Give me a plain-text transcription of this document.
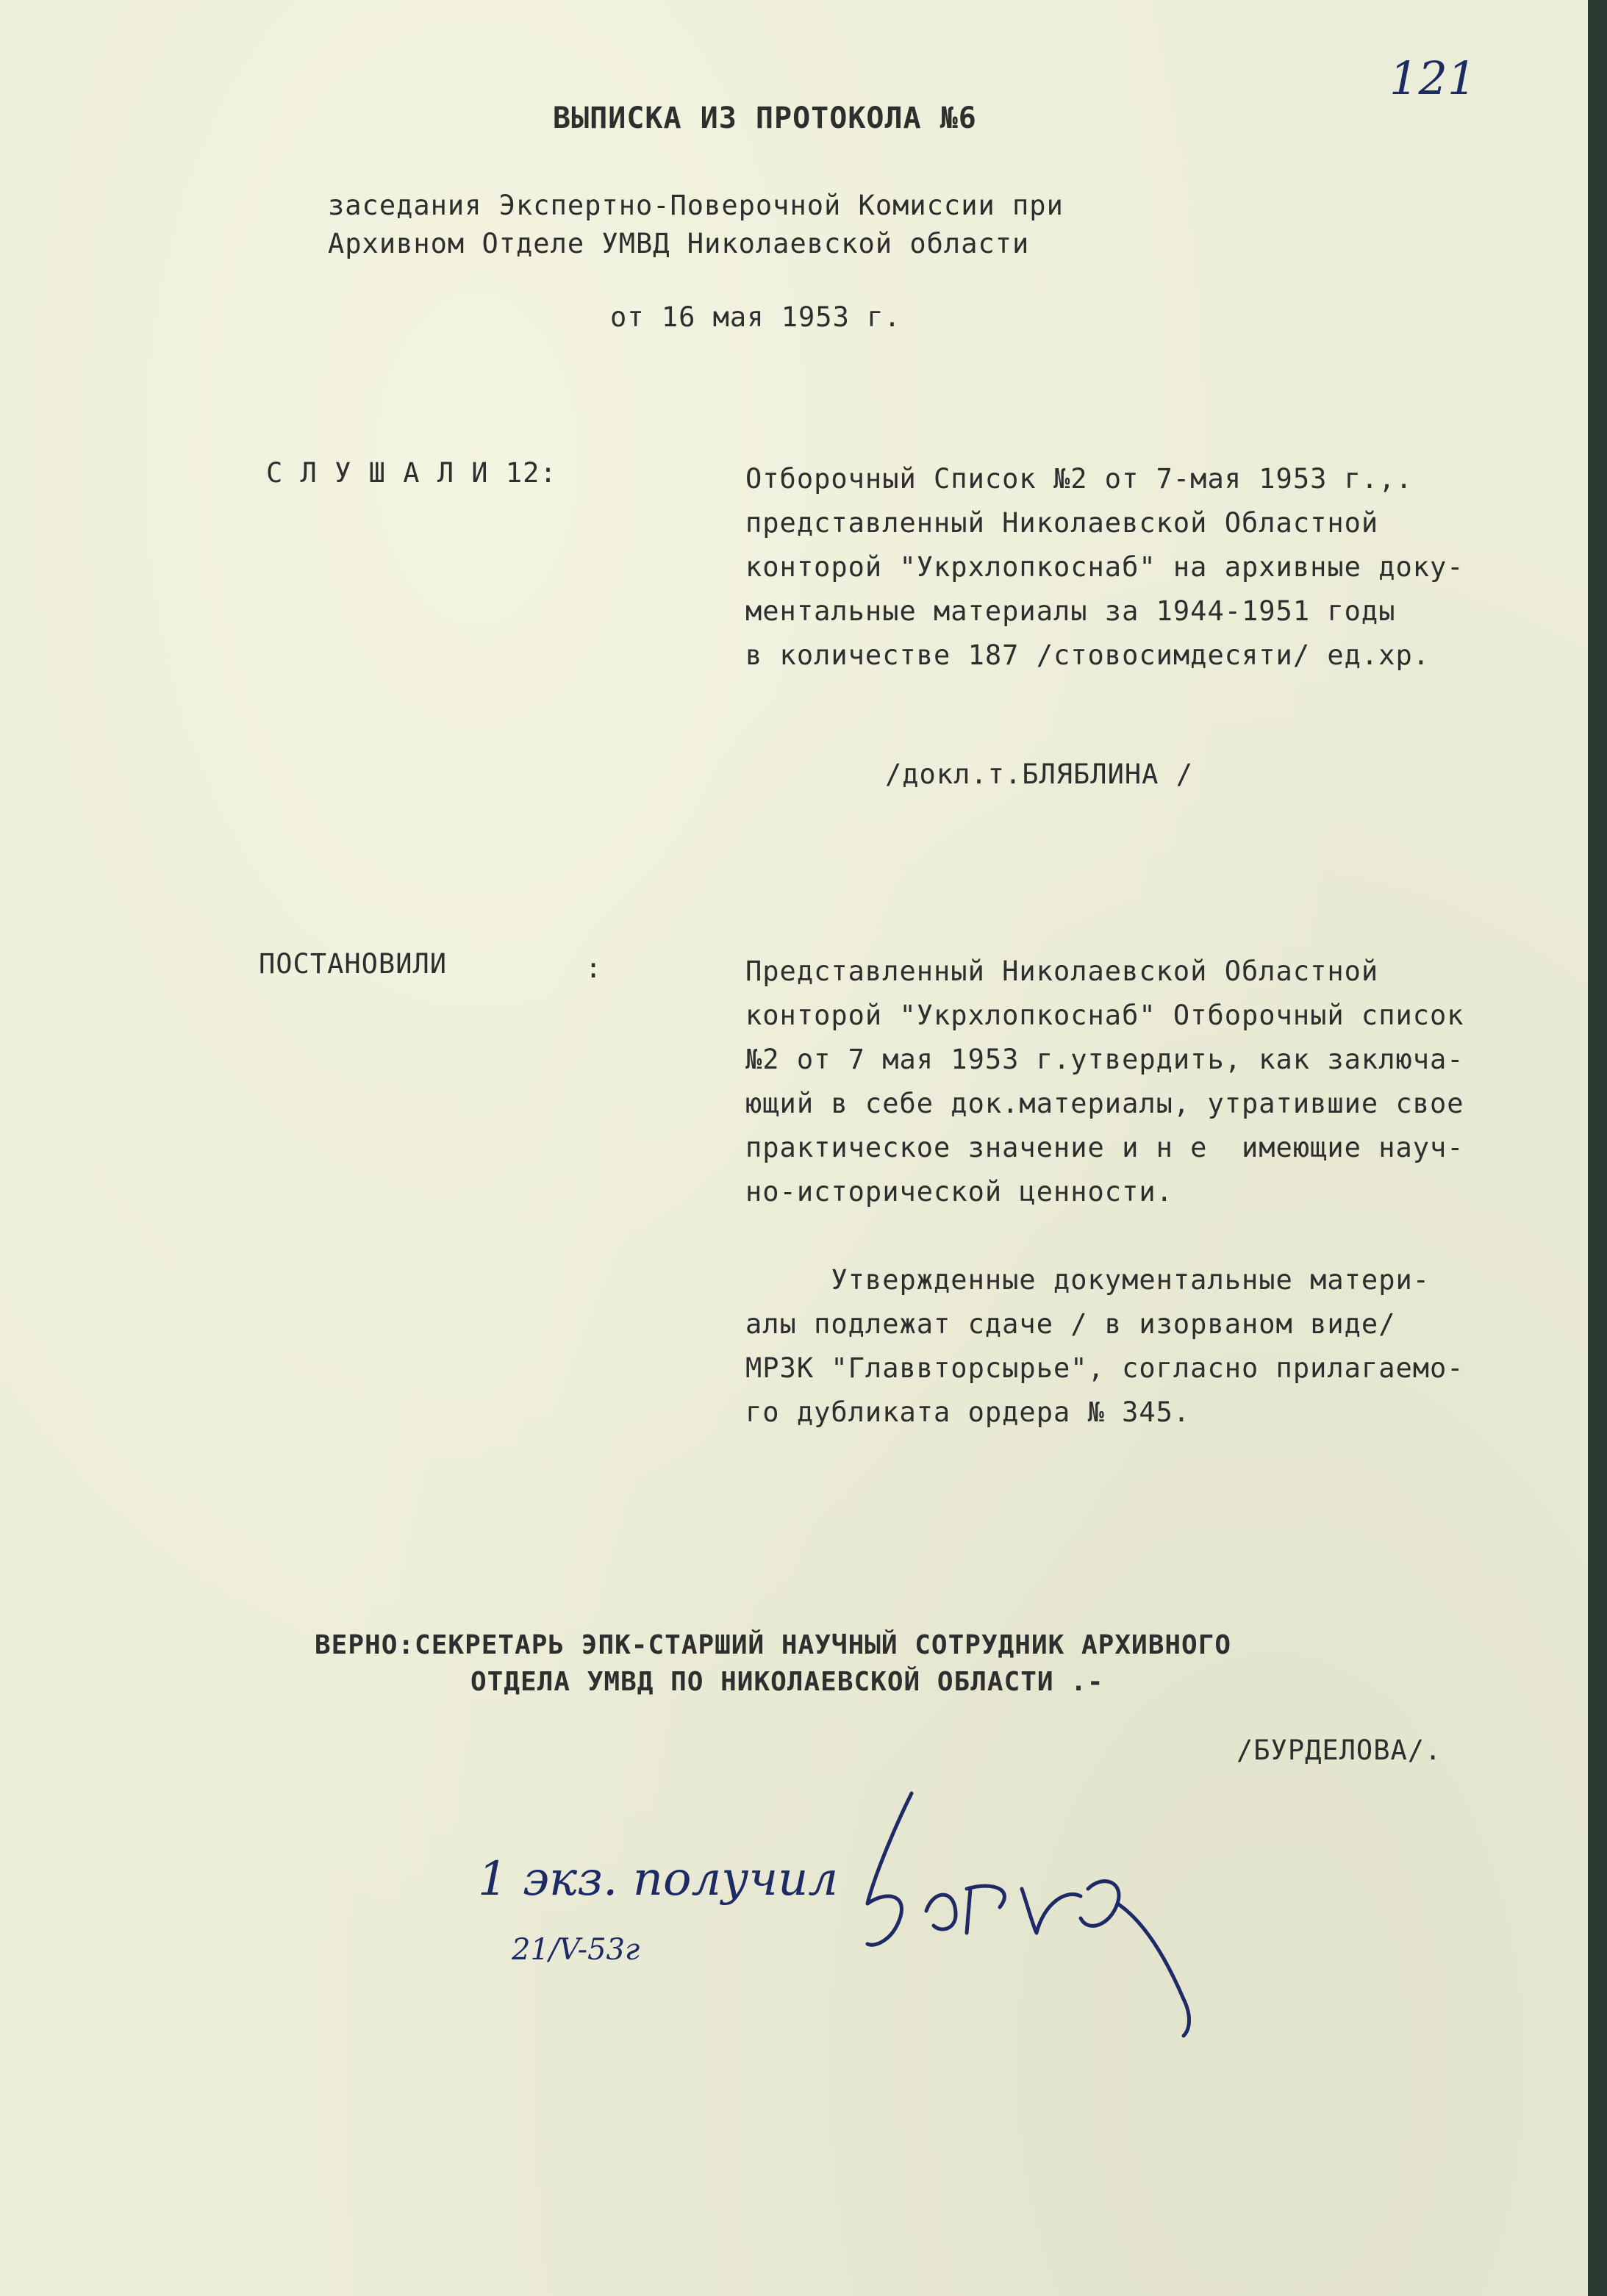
121

ВЫПИСКА ИЗ ПРОТОКОЛА №6

заседания Экспертно-Поверочной Комиссии при

Архивном Отделе УМВД Николаевской области

от 16 мая 1953 г.

С Л У Ш А Л И 12:	Отборочный Список №2 от 7-мая 1953 г.,.

представленный Николаевской Областной

конторой "Укрхлопкоснаб" на архивные доку-

ментальные материалы за 1944-1951 годы

в количестве 187 /стовосимдесяти/ ед.хр.

/докл.т.БЛЯБЛИНА /

ПОСТАНОВИЛИ	:	Представленный Николаевской Областной

конторой "Укрхлопкоснаб" Отборочный список

№2 от 7 мая 1953 г.утвердить, как заключа-

ющий в себе док.материалы, утратившие свое

практическое значение и н е  имеющие науч-

но-исторической ценности.

Утвержденные документальные матери-

алы подлежат сдаче / в изорваном виде/

МРЗК "Главвторсырье", согласно прилагаемо-

го дубликата ордера № 345.

ВЕРНО:СЕКРЕТАРЬ ЭПК-СТАРШИЙ НАУЧНЫЙ СОТРУДНИК АРХИВНОГО

ОТДЕЛА УМВД ПО НИКОЛАЕВСКОЙ ОБЛАСТИ .-

/БУРДЕЛОВА/.

1 экз. получил
21/V-53г
